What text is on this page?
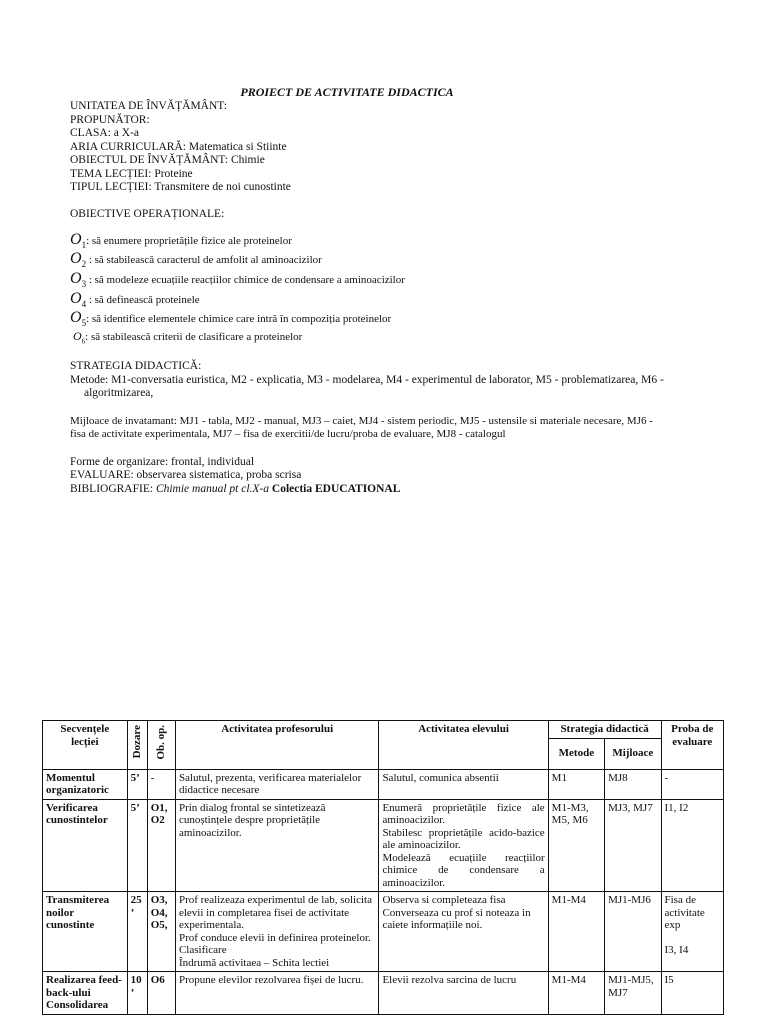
PROIECT DE ACTIVITATE DIDACTICA
UNITATEA DE ÎNVĂȚĂMÂNT:
PROPUNĂTOR:
CLASA: a X-a
ARIA CURRICULARĂ: Matematica si Stiinte
OBIECTUL DE ÎNVĂȚĂMÂNT: Chimie
TEMA LECȚIEI: Proteine
TIPUL LECȚIEI: Transmitere de noi cunostinte
OBIECTIVE OPERAȚIONALE:
$O_1$: să enumere proprietățile fizice ale proteinelor
$O_2$ : să stabilească caracterul de amfolit al aminoacizilor
$O_3$ : să modeleze ecuațiile reacțiilor chimice de condensare a aminoacizilor
$O_4$ : să definească proteinele
$O_5$: să identifice elementele chimice care intră în compoziția proteinelor
$O_6$: să stabilească criterii de clasificare a proteinelor
STRATEGIA DIDACTICĂ:
Metode: M1-conversatia euristica, M2 - explicatia, M3 - modelarea, M4 - experimentul de laborator, M5 - problematizarea, M6 -
algoritmizarea,
Mijloace de invatamant: MJ1 - tabla, MJ2 - manual, MJ3 – caiet, MJ4 - sistem periodic, MJ5 - ustensile si materiale necesare, MJ6 -
fisa de activitate experimentala, MJ7 – fisa de exercitii/de lucru/proba de evaluare, MJ8 - catalogul
Forme de organizare: frontal, individual
EVALUARE: observarea sistematica, proba scrisa
BIBLIOGRAFIE: Chimie manual pt cl.X-a Colectia EDUCATIONAL
Secvențele lecției	Dozare	Ob. op.	Activitatea profesorului	Activitatea elevului	Strategia didactică		Proba de evaluare
					Metode	Mijloace	
Momentul organizatoric	5’	-	Salutul, prezenta, verificarea materialelor didactice necesare	Salutul, comunica absentii	M1	MJ8	-
Verificarea cunostintelor	5’	O1, O2	Prin dialog frontal se sintetizează cunoștințele despre proprietățile aminoacizilor.	Enumeră proprietățile fizice ale aminoacizilor.
Stabilesc proprietățile acido-bazice ale aminoacizilor.
Modelează ecuațiile reacțiilor chimice de condensare a aminoacizilor.	M1-M3, M5, M6	MJ3, MJ7	I1, I2
Transmiterea noilor cunostinte	25 ’	O3, O4, O5,	Prof realizeaza experimentul de lab, solicita elevii in completarea fisei de activitate experimentala.
Prof conduce elevii in definirea proteinelor. Clasificare
Îndrumă activitaea – Schita lectiei	Observa si completeaza fisa
Converseaza cu prof si noteaza in caiete informațiile noi.	M1-M4	MJ1-MJ6	Fisa de activitate exp
I3, I4

Realizarea feed-back-ului Consolidarea	10 ’	O6	Propune elevilor rezolvarea fișei de lucru.	Elevii rezolva sarcina de lucru	M1-M4	MJ1-MJ5, MJ7	I5
